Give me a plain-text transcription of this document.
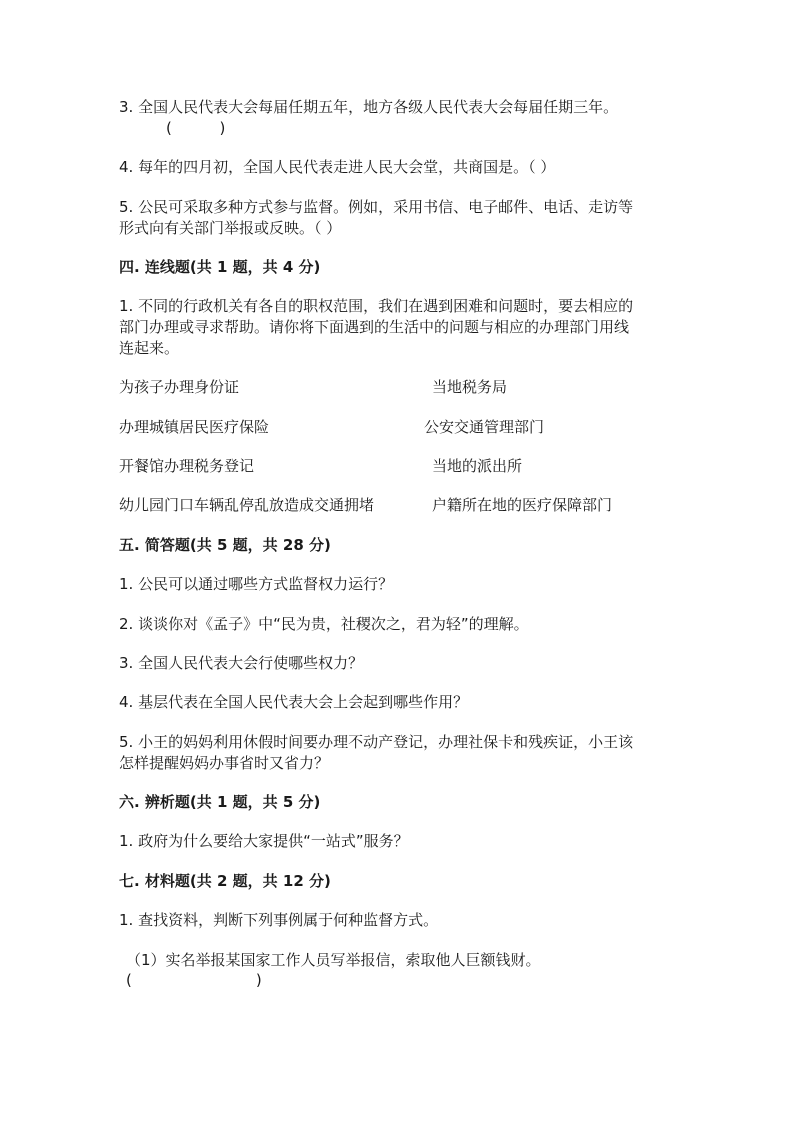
3. 全国人民代表大会每届任期五年，地方各级人民代表大会每届任期三年。
(          )
4. 每年的四月初，全国人民代表走进人民大会堂，共商国是。（ ）
5. 公民可采取多种方式参与监督。例如，采用书信、电子邮件、电话、走访等
形式向有关部门举报或反映。（ ）
四. 连线题(共 1 题，共 4 分)
1. 不同的行政机关有各自的职权范围，我们在遇到困难和问题时，要去相应的
部门办理或寻求帮助。请你将下面遇到的生活中的问题与相应的办理部门用线
连起来。
为孩子办理身份证	当地税务局
办理城镇居民医疗保险	公安交通管理部门
开餐馆办理税务登记	当地的派出所
幼儿园门口车辆乱停乱放造成交通拥堵	户籍所在地的医疗保障部门
五. 简答题(共 5 题，共 28 分)
1. 公民可以通过哪些方式监督权力运行？
2. 谈谈你对《孟子》中“民为贵，社稷次之，君为轻”的理解。
3. 全国人民代表大会行使哪些权力？
4. 基层代表在全国人民代表大会上会起到哪些作用？
5. 小王的妈妈利用休假时间要办理不动产登记，办理社保卡和残疾证，小王该
怎样提醒妈妈办事省时又省力？
六. 辨析题(共 1 题，共 5 分)
1. 政府为什么要给大家提供“一站式”服务？
七. 材料题(共 2 题，共 12 分)
1. 查找资料，判断下列事例属于何种监督方式。
（1）实名举报某国家工作人员写举报信，索取他人巨额钱财。
(                          )
